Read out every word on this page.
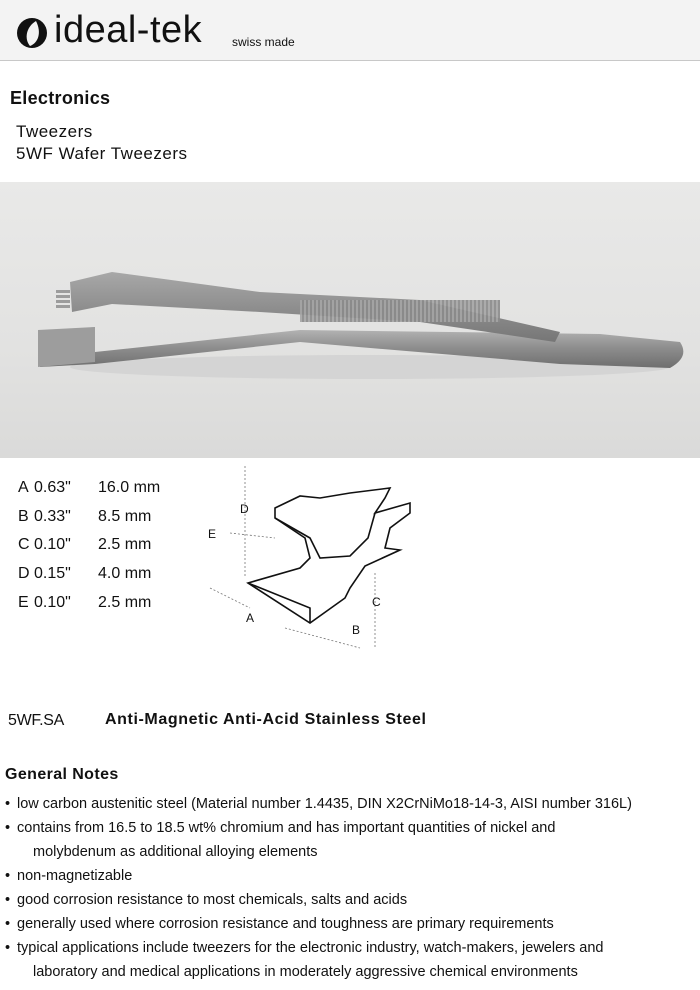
ideal-tek swiss made
Electronics
Tweezers
5WF Wafer Tweezers
A 0.63" 16.0 mm
B 0.33" 8.5 mm
C 0.10" 2.5 mm
D 0.15" 4.0 mm
E 0.10" 2.5 mm
D
E
A
B
C
5WF.SA	Anti-Magnetic Anti-Acid Stainless Steel
General Notes
• low carbon austenitic steel (Material number 1.4435, DIN X2CrNiMo18-14-3, AISI number 316L)
• contains from 16.5 to 18.5 wt% chromium and has important quantities of nickel and
molybdenum as additional alloying elements
• non-magnetizable
• good corrosion resistance to most chemicals, salts and acids
• generally used where corrosion resistance and toughness are primary requirements
• typical applications include tweezers for the electronic industry, watch-makers, jewelers and
laboratory and medical applications in moderately aggressive chemical environments
